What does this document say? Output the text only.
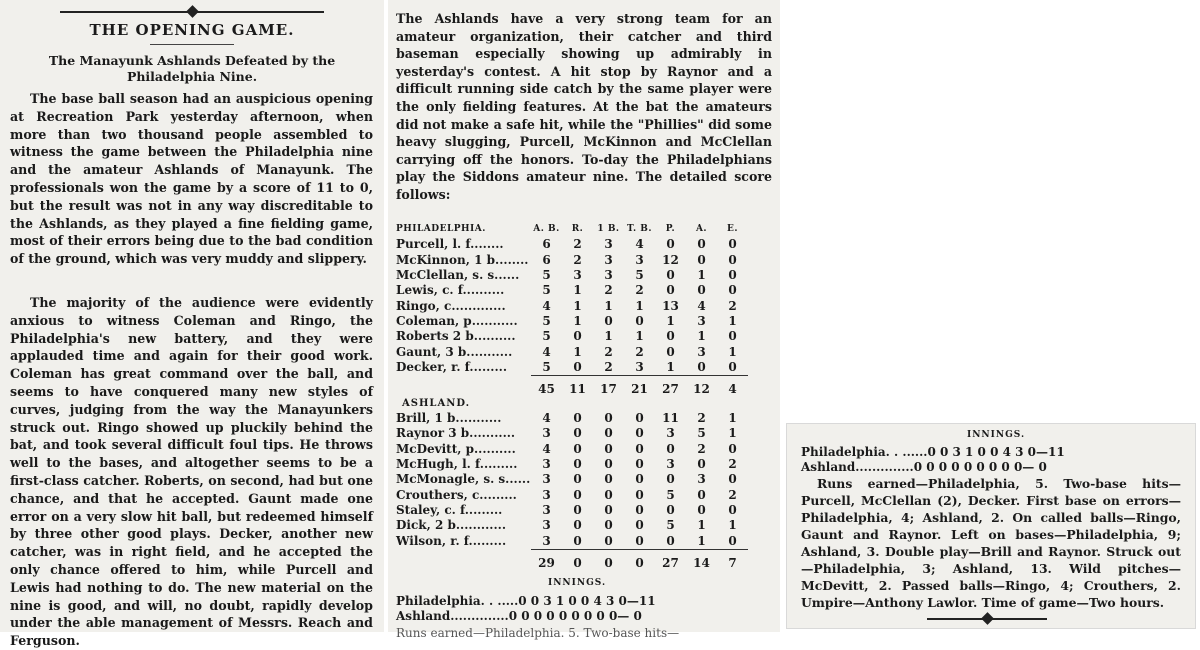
THE OPENING GAME.
The Manayunk Ashlands Defeated by the Philadelphia Nine.

The base ball season had an auspicious opening at Recreation Park yesterday afternoon, when more than two thousand people assembled to witness the game between the Philadelphia nine and the amateur Ashlands of Manayunk. The professionals won the game by a score of 11 to 0, but the result was not in any way discreditable to the Ashlands, as they played a fine fielding game, most of their errors being due to the bad condition of the ground, which was very muddy and slippery.

The majority of the audience were evidently anxious to witness Coleman and Ringo, the Philadelphia's new battery, and they were applauded time and again for their good work. Coleman has great command over the ball, and seems to have conquered many new styles of curves, judging from the way the Manayunkers struck out. Ringo showed up pluckily behind the bat, and took several difficult foul tips. He throws well to the bases, and altogether seems to be a first-class catcher. Roberts, on second, had but one chance, and that he accepted. Gaunt made one error on a very slow hit ball, but redeemed himself by three other good plays. Decker, another new catcher, was in right field, and he accepted the only chance offered to him, while Purcell and Lewis had nothing to do. The new material on the nine is good, and will, no doubt, rapidly develop under the able management of Messrs. Reach and Ferguson.

The Ashlands have a very strong team for an amateur organization, their catcher and third baseman especially showing up admirably in yesterday's contest. A hit stop by Raynor and a difficult running side catch by the same player were the only fielding features. At the bat the amateurs did not make a safe hit, while the "Phillies" did some heavy slugging, Purcell, McKinnon and McClellan carrying off the honors. To-day the Philadelphians play the Siddons amateur nine. The detailed score follows:

PHILADELPHIA.	A. B.	R.	1 B.	T. B.	P.	A.	E.
Purcell, l. f........	6	2	3	4	0	0	0
McKinnon, 1 b........	6	2	3	3	12	0	0
McClellan, s. s......	5	3	3	5	0	1	0
Lewis, c. f..........	5	1	2	2	0	0	0
Ringo, c.............	4	1	1	1	13	4	2
Coleman, p...........	5	1	0	0	1	3	1
Roberts 2 b..........	5	0	1	1	0	1	0
Gaunt, 3 b...........	4	1	2	2	0	3	1
Decker, r. f.........	5	0	2	3	1	0	0
	45	11	17	21	27	12	4
ASHLAND.
Brill, 1 b...........	4	0	0	0	11	2	1
Raynor 3 b...........	3	0	0	0	3	5	1
McDevitt, p..........	4	0	0	0	0	2	0
McHugh, l. f.........	3	0	0	0	3	0	2
McMonagle, s. s......	3	0	0	0	0	3	0
Crouthers, c.........	3	0	0	0	5	0	2
Staley, c. f.........	3	0	0	0	0	0	0
Dick, 2 b............	3	0	0	0	5	1	1
Wilson, r. f.........	3	0	0	0	0	1	0
	29	0	0	0	27	14	7
INNINGS.
Philadelphia. . .....0 0 3 1 0 0 4 3 0—11
Ashland..............0 0 0 0 0 0 0 0 0— 0
Runs earned—Philadelphia. 5. Two-base hits—
INNINGS.
Philadelphia. . ......0 0 3 1 0 0 4 3 0—11
Ashland..............0 0 0 0 0 0 0 0 0— 0

Runs earned—Philadelphia, 5. Two-base hits—Purcell, McClellan (2), Decker. First base on errors—Philadelphia, 4; Ashland, 2. On called balls—Ringo, Gaunt and Raynor. Left on bases—Philadelphia, 9; Ashland, 3. Double play—Brill and Raynor. Struck out—Philadelphia, 3; Ashland, 13. Wild pitches—McDevitt, 2. Passed balls—Ringo, 4; Crouthers, 2. Umpire—Anthony Lawlor. Time of game—Two hours.
